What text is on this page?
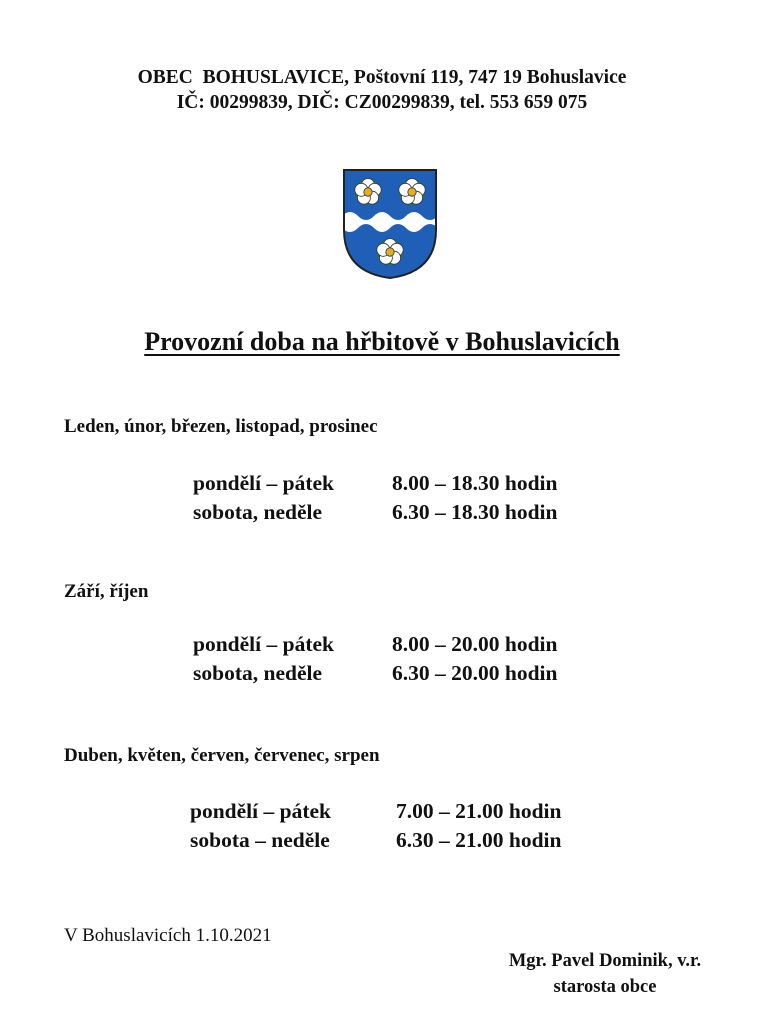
OBEC  BOHUSLAVICE, Poštovní 119, 747 19 Bohuslavice
IČ: 00299839, DIČ: CZ00299839, tel. 553 659 075
Provozní doba na hřbitově v Bohuslavicích
Leden, únor, březen, listopad, prosinec
pondělí – pátek	8.00 – 18.30 hodin
sobota, neděle	6.30 – 18.30 hodin
Září, říjen
pondělí – pátek	8.00 – 20.00 hodin
sobota, neděle	6.30 – 20.00 hodin
Duben, květen, červen, červenec, srpen
pondělí – pátek	7.00 – 21.00 hodin
sobota – neděle	6.30 – 21.00 hodin
V Bohuslavicích 1.10.2021
Mgr. Pavel Dominik, v.r.
starosta obce
